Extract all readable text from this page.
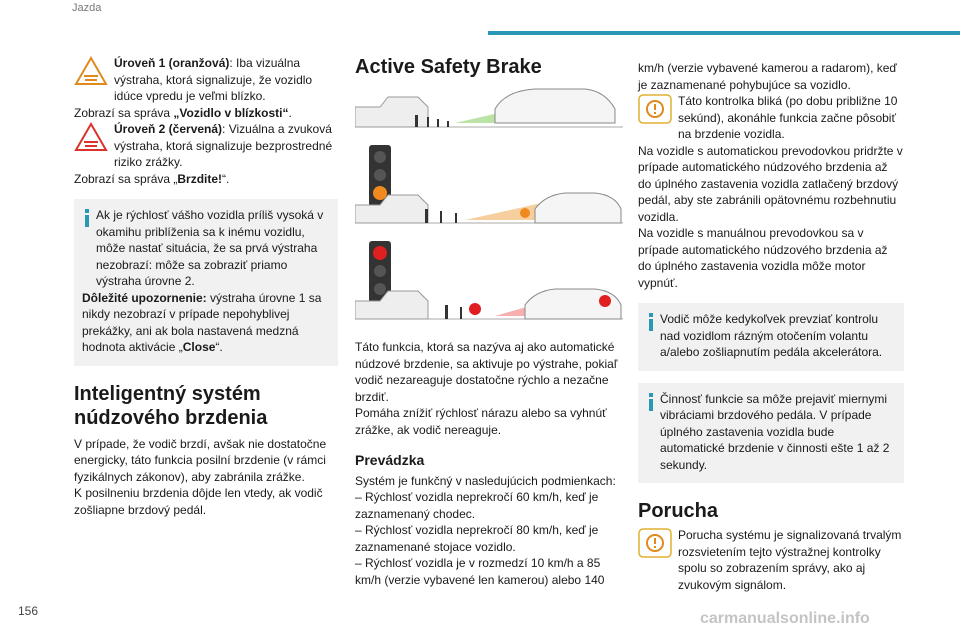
Jazda

Úroveň 1 (oranžová): Iba vizuálna výstraha, ktorá signalizuje, že vozidlo idúce vpredu je veľmi blízko.

Zobrazí sa správa „Vozidlo v blízkosti“.

Úroveň 2 (červená): Vizuálna a zvuková výstraha, ktorá signalizuje bezprostredné riziko zrážky.

Zobrazí sa správa „Brzdite!“.

Ak je rýchlosť vášho vozidla príliš vysoká v okamihu priblíženia sa k inému vozidlu, môže nastať situácia, že sa prvá výstraha nezobrazí: môže sa zobraziť priamo výstraha úrovne 2.

Dôležité upozornenie: výstraha úrovne 1 sa nikdy nezobrazí v prípade nepohyblivej prekážky, ani ak bola nastavená medzná hodnota aktivácie „Close“.

Inteligentný systém núdzového brzdenia

V prípade, že vodič brzdí, avšak nie dostatočne energicky, táto funkcia posilní brzdenie (v rámci fyzikálnych zákonov), aby zabránila zrážke.

K posilneniu brzdenia dôjde len vtedy, ak vodič zošliapne brzdový pedál.

Active Safety Brake

Táto funkcia, ktorá sa nazýva aj ako automatické núdzové brzdenie, sa aktivuje po výstrahe, pokiaľ vodič nezareaguje dostatočne rýchlo a nezačne brzdiť.

Pomáha znížiť rýchlosť nárazu alebo sa vyhnúť zrážke, ak vodič nereaguje.

Prevádzka

Systém je funkčný v nasledujúcich podmienkach:

– Rýchlosť vozidla neprekročí 60 km/h, keď je zaznamenaný chodec.

– Rýchlosť vozidla neprekročí 80 km/h, keď je zaznamenané stojace vozidlo.

– Rýchlosť vozidla je v rozmedzí 10 km/h a 85 km/h (verzie vybavené len kamerou) alebo 140

km/h (verzie vybavené kamerou a radarom), keď je zaznamenané pohybujúce sa vozidlo.

Táto kontrolka bliká (po dobu približne 10 sekúnd), akonáhle funkcia začne pôsobiť na brzdenie vozidla.

Na vozidle s automatickou prevodovkou pridržte v prípade automatického núdzového brzdenia až do úplného zastavenia vozidla zatlačený brzdový pedál, aby ste zabránili opätovnému rozbehnutiu vozidla.

Na vozidle s manuálnou prevodovkou sa v prípade automatického núdzového brzdenia až do úplného zastavenia vozidla môže motor vypnúť.

Vodič môže kedykoľvek prevziať kontrolu nad vozidlom rázným otočením volantu a/alebo zošliapnutím pedála akcelerátora.

Činnosť funkcie sa môže prejaviť miernymi vibráciami brzdového pedála. V prípade úplného zastavenia vozidla bude automatické brzdenie v činnosti ešte 1 až 2 sekundy.

Porucha

Porucha systému je signalizovaná trvalým rozsvietením tejto výstražnej kontrolky spolu so zobrazením správy, ako aj zvukovým signálom.

156	carmanualsonline.info
